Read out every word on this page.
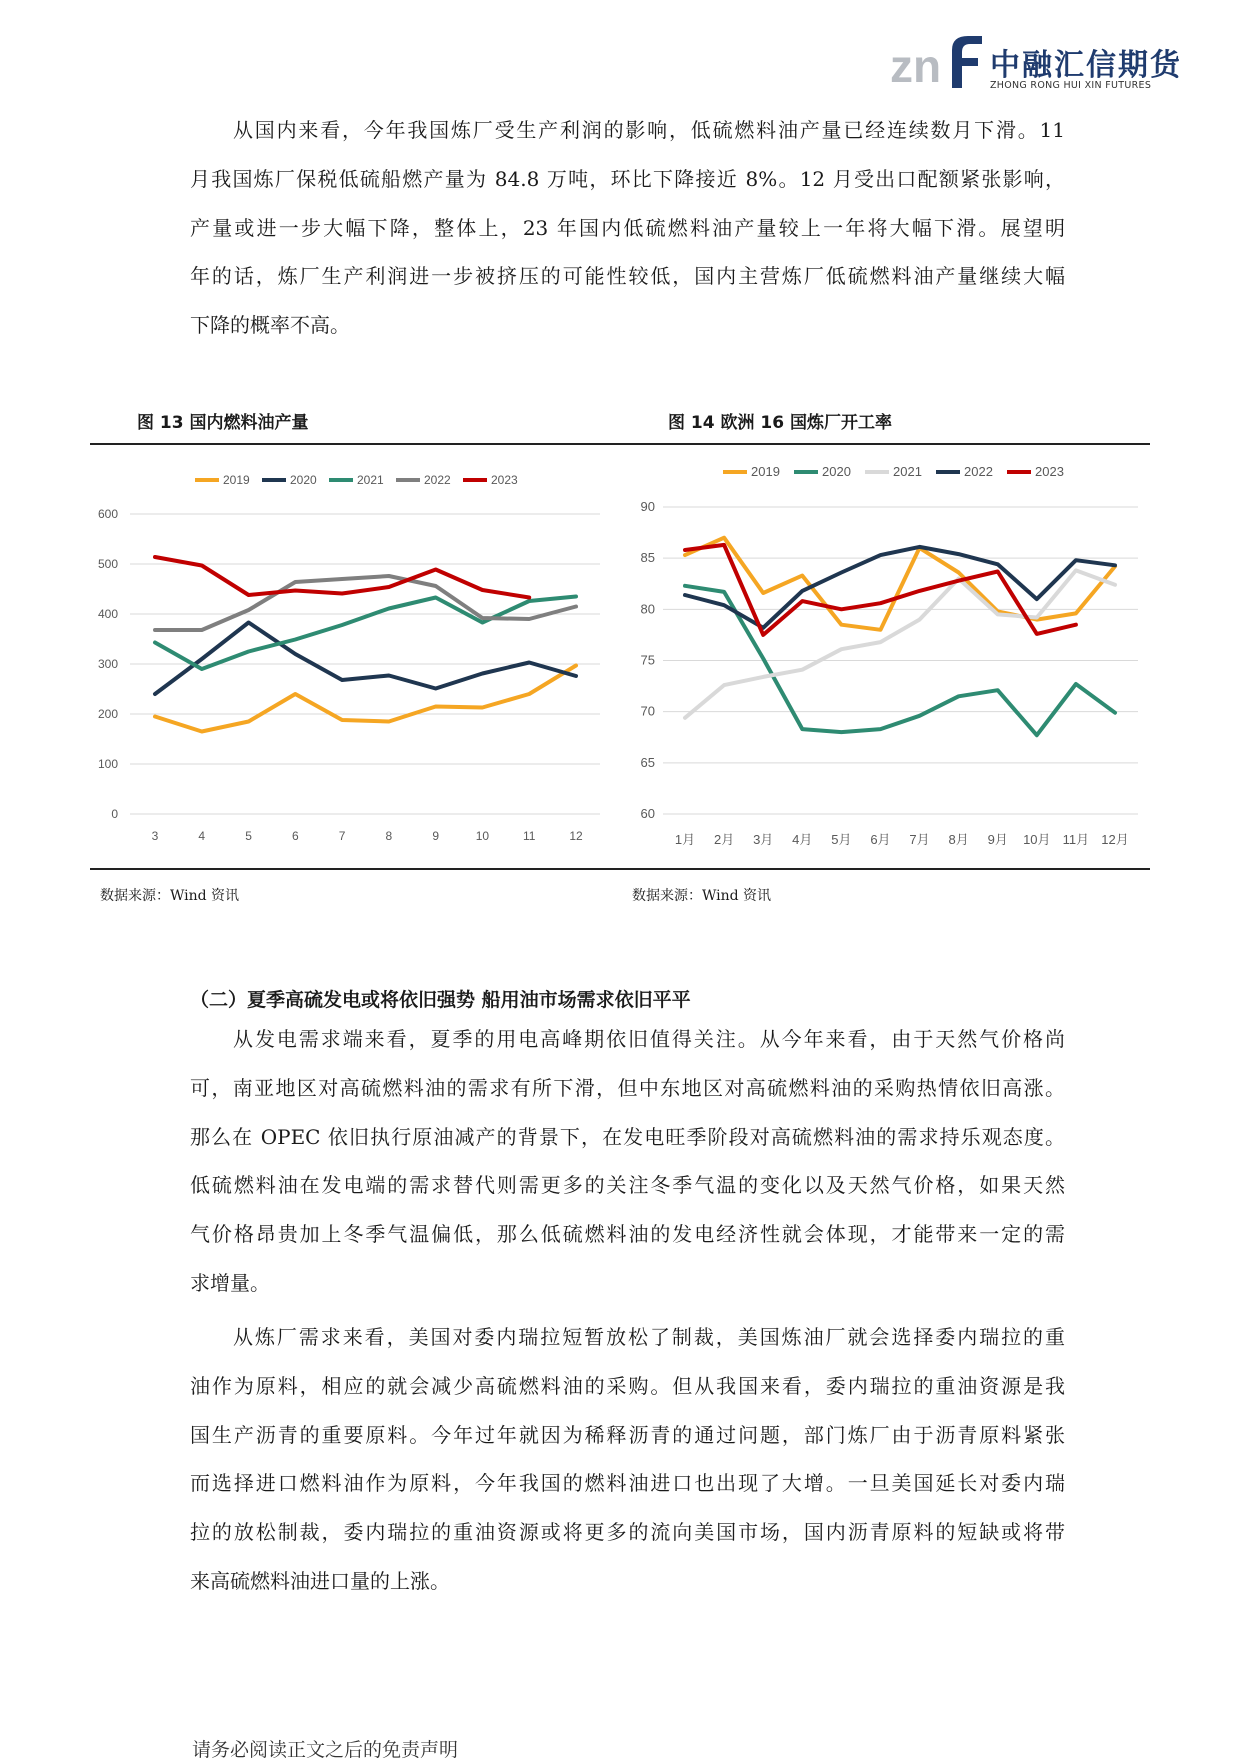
zn 中融汇信期货
ZHONG RONG HUI XIN FUTURES
从国内来看，今年我国炼厂受生产利润的影响，低硫燃料油产量已经连续数月下滑。11
月我国炼厂保税低硫船燃产量为 84.8 万吨，环比下降接近 8%。12 月受出口配额紧张影响，
产量或进一步大幅下降，整体上，23 年国内低硫燃料油产量较上一年将大幅下滑。展望明
年的话，炼厂生产利润进一步被挤压的可能性较低，国内主营炼厂低硫燃料油产量继续大幅
下降的概率不高。
图 13 国内燃料油产量	图 14 欧洲 16 国炼厂开工率
0
100
200
300
400
500
600
3	4	5	6	7	8	9	10	11	12
2019	2020	2021	2022	2023
60
65
70
75
80
85
90
1月 2月 3月 4月 5月 6月 7月 8月 9月 10月 11月 12月
2019	2020	2021	2022	2023
数据来源：Wind 资讯	数据来源：Wind 资讯
（二）夏季高硫发电或将依旧强势 船用油市场需求依旧平平
从发电需求端来看，夏季的用电高峰期依旧值得关注。从今年来看，由于天然气价格尚
可，南亚地区对高硫燃料油的需求有所下滑，但中东地区对高硫燃料油的采购热情依旧高涨。
那么在 OPEC 依旧执行原油减产的背景下，在发电旺季阶段对高硫燃料油的需求持乐观态度。
低硫燃料油在发电端的需求替代则需更多的关注冬季气温的变化以及天然气价格，如果天然
气价格昂贵加上冬季气温偏低，那么低硫燃料油的发电经济性就会体现，才能带来一定的需
求增量。
从炼厂需求来看，美国对委内瑞拉短暂放松了制裁，美国炼油厂就会选择委内瑞拉的重
油作为原料，相应的就会减少高硫燃料油的采购。但从我国来看，委内瑞拉的重油资源是我
国生产沥青的重要原料。今年过年就因为稀释沥青的通过问题，部门炼厂由于沥青原料紧张
而选择进口燃料油作为原料，今年我国的燃料油进口也出现了大增。一旦美国延长对委内瑞
拉的放松制裁，委内瑞拉的重油资源或将更多的流向美国市场，国内沥青原料的短缺或将带
来高硫燃料油进口量的上涨。
请务必阅读正文之后的免责声明
